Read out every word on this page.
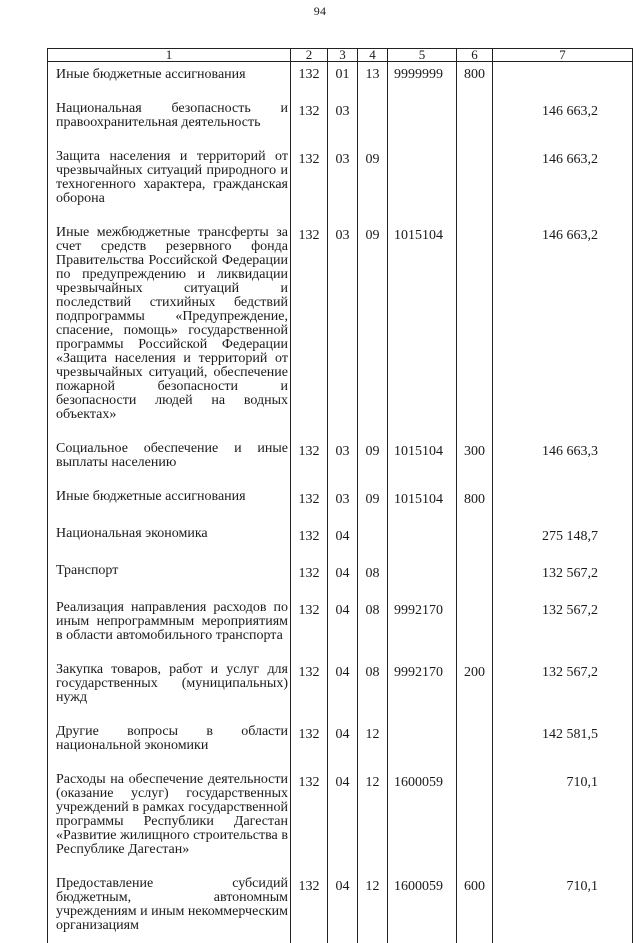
94
1	2	3	4	5	6	7
Иные бюджетные ассигнования	132	01	13	9999999	800	
Национальная безопасность и правоохранительная деятельность	132	03				146 663,2
Защита населения и территорий от чрезвычайных ситуаций природного и техногенного характера, гражданская оборона	132	03	09			146 663,2
Иные межбюджетные трансферты за счет средств резервного фонда Правительства Российской Федерации по предупреждению и ликвидации чрезвычайных ситуаций и последствий стихийных бедствий подпрограммы «Предупреждение, спасение, помощь» государственной программы Российской Федерации «Защита населения и территорий от чрезвычайных ситуаций, обеспечение пожарной безопасности и безопасности людей на водных объектах»	132	03	09	1015104		146 663,2
Социальное обеспечение и иные выплаты населению	132	03	09	1015104	300	146 663,3
Иные бюджетные ассигнования	132	03	09	1015104	800	
Национальная экономика	132	04				275 148,7
Транспорт	132	04	08			132 567,2
Реализация направления расходов по иным непрограммным мероприятиям в области автомобильного транспорта	132	04	08	9992170		132 567,2
Закупка товаров, работ и услуг для государственных (муниципальных) нужд	132	04	08	9992170	200	132 567,2
Другие вопросы в области национальной экономики	132	04	12			142 581,5
Расходы на обеспечение деятельности (оказание услуг) государственных учреждений в рамках государственной программы Республики Дагестан «Развитие жилищного строительства в Республике Дагестан»	132	04	12	1600059		710,1
Предоставление субсидий бюджетным, автономным учреждениям и иным некоммерческим организациям	132	04	12	1600059	600	710,1
